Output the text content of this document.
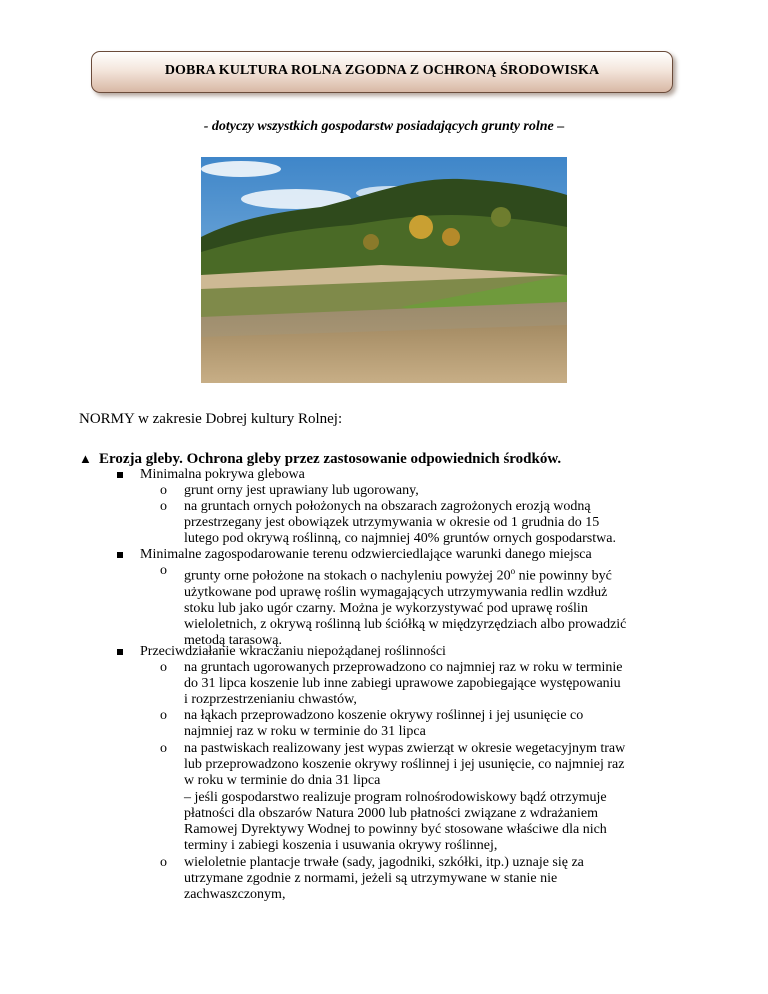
DOBRA KULTURA ROLNA ZGODNA Z OCHRONĄ ŚRODOWISKA
- dotyczy wszystkich gospodarstw posiadających grunty rolne –
NORMY w zakresie Dobrej kultury Rolnej:
▲ Erozja gleby. Ochrona gleby przez zastosowanie odpowiednich środków.
Minimalna pokrywa glebowa
o grunt orny jest uprawiany lub ugorowany,
o na gruntach ornych położonych na obszarach zagrożonych erozją wodną
przestrzegany jest obowiązek utrzymywania w okresie od 1 grudnia do 15
lutego pod okrywą roślinną, co najmniej 40% gruntów ornych gospodarstwa.
Minimalne zagospodarowanie terenu odzwierciedlające warunki danego miejsca
o grunty orne położone na stokach o nachyleniu powyżej 20$^o$ nie powinny być
użytkowane pod uprawę roślin wymagających utrzymywania redlin wzdłuż
stoku lub jako ugór czarny. Można je wykorzystywać pod uprawę roślin
wieloletnich, z okrywą roślinną lub ściółką w międzyrzędziach albo prowadzić
metodą tarasową.
Przeciwdziałanie wkraczaniu niepożądanej roślinności
o na gruntach ugorowanych przeprowadzono co najmniej raz w roku w terminie
do 31 lipca koszenie lub inne zabiegi uprawowe zapobiegające występowaniu
i rozprzestrzenianiu chwastów,
o na łąkach przeprowadzono koszenie okrywy roślinnej i jej usunięcie co
najmniej raz w roku w terminie do 31 lipca
o na pastwiskach realizowany jest wypas zwierząt w okresie wegetacyjnym traw
lub przeprowadzono koszenie okrywy roślinnej i jej usunięcie, co najmniej raz
w roku w terminie do dnia 31 lipca
– jeśli gospodarstwo realizuje program rolnośrodowiskowy bądź otrzymuje
płatności dla obszarów Natura 2000 lub płatności związane z wdrażaniem
Ramowej Dyrektywy Wodnej to powinny być stosowane właściwe dla nich
terminy i zabiegi koszenia i usuwania okrywy roślinnej,
o wieloletnie plantacje trwałe (sady, jagodniki, szkółki, itp.) uznaje się za
utrzymane zgodnie z normami, jeżeli są utrzymywane w stanie nie
zachwaszczonym,
